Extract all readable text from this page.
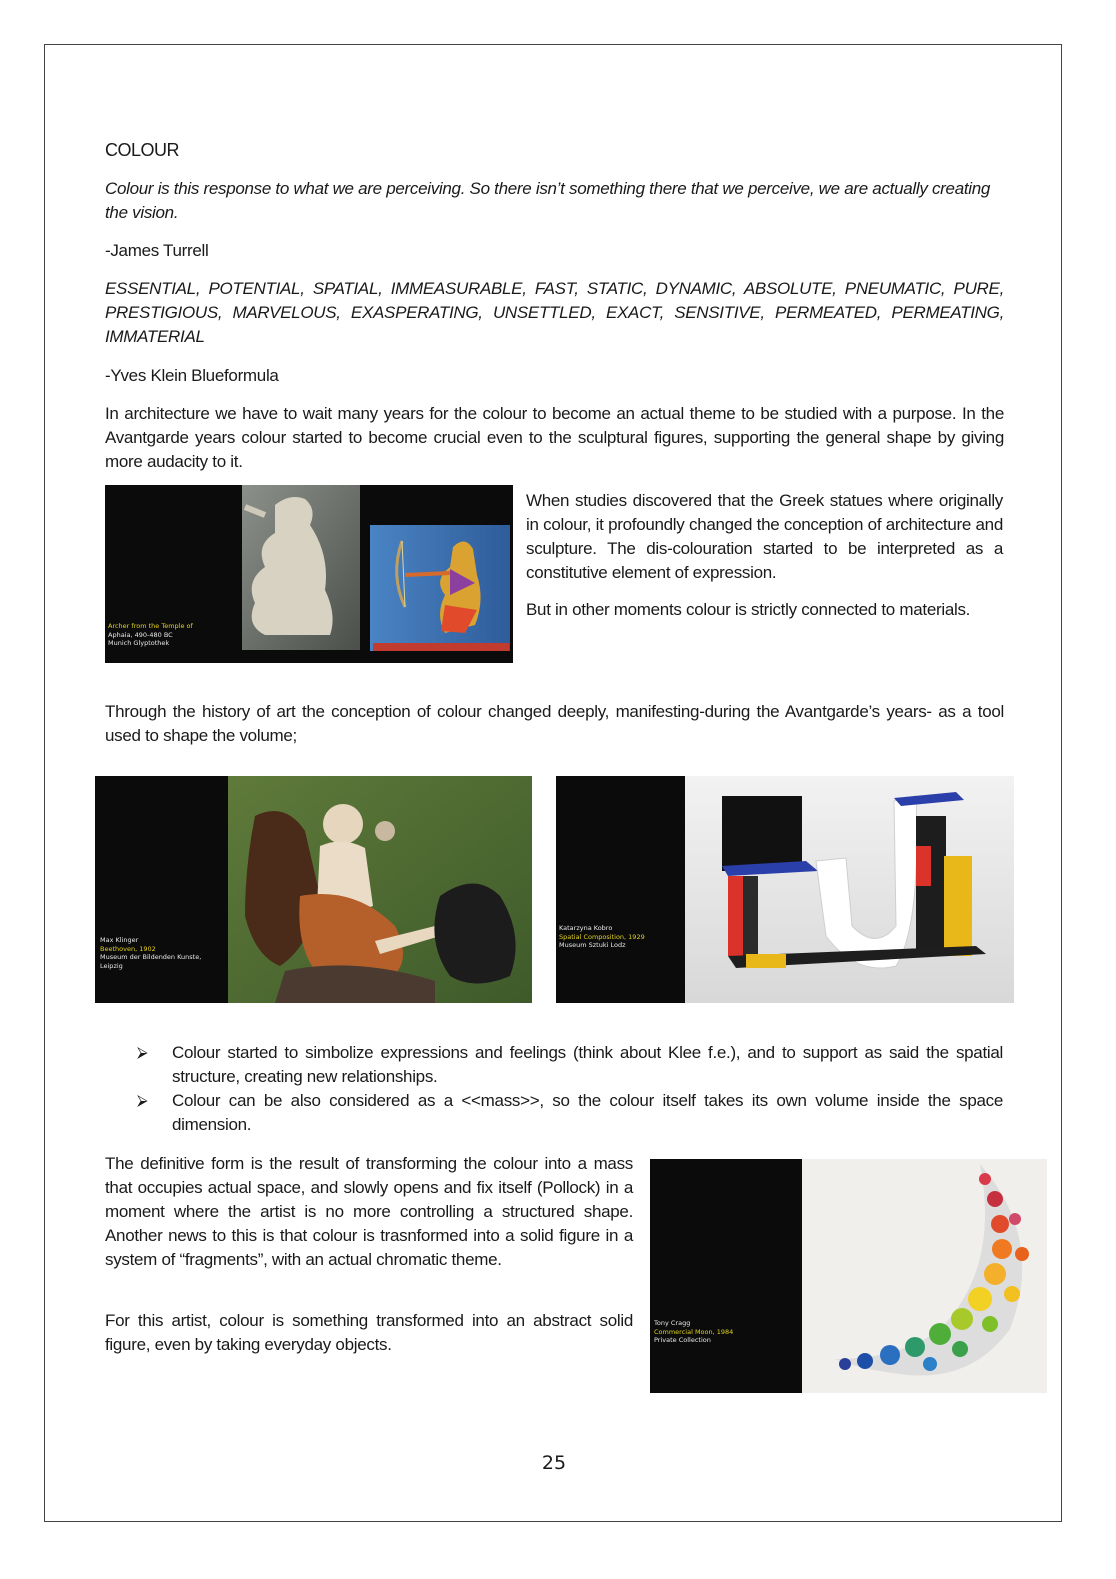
COLOUR
Colour is this response to what we are perceiving. So there isn’t something there that we perceive, we are actually creating the vision.
-James Turrell
ESSENTIAL, POTENTIAL, SPATIAL, IMMEASURABLE, FAST, STATIC, DYNAMIC, ABSOLUTE, PNEUMATIC, PURE, PRESTIGIOUS, MARVELOUS, EXASPERATING, UNSETTLED, EXACT, SENSITIVE, PERMEATED, PERMEATING, IMMATERIAL
-Yves Klein Blueformula
In architecture we have to wait many years for the colour to become an actual theme to be studied with a purpose. In the Avantgarde years colour started to become crucial even to the sculptural figures, supporting the general shape by giving more audacity to it.
Archer from the Temple of
Aphaia, 490-480 BC
Munich Glyptothek
When studies discovered that the Greek statues where originally in colour, it profoundly changed the conception of architecture and sculpture. The dis-colouration started to be interpreted as a constitutive element of expression.
But in other moments colour is strictly connected to materials.
Through the history of art the conception of colour changed deeply, manifesting-during the Avantgarde’s years- as a tool used to shape the volume;
Max Klinger
Beethoven, 1902
Museum der Bildenden Kunste,
Leipzig
Katarzyna Kobro
Spatial Composition, 1929
Museum Sztuki Lodz
⮚ Colour started to simbolize expressions and feelings (think about Klee f.e.), and to support as said the spatial structure, creating new relationships.
⮚ Colour can be also considered as a <<mass>>, so the colour itself takes its own volume inside the space dimension.
The definitive form is the result of transforming the colour into a mass that occupies actual space, and slowly opens and fix itself (Pollock) in a moment where the artist is no more controlling a structured shape. Another news to this is that colour is trasnformed into a solid figure in a system of “fragments”, with an actual chromatic theme.
For this artist, colour is something transformed into an abstract solid figure, even by taking everyday objects.
Tony Cragg
Commercial Moon, 1984
Private Collection
25
